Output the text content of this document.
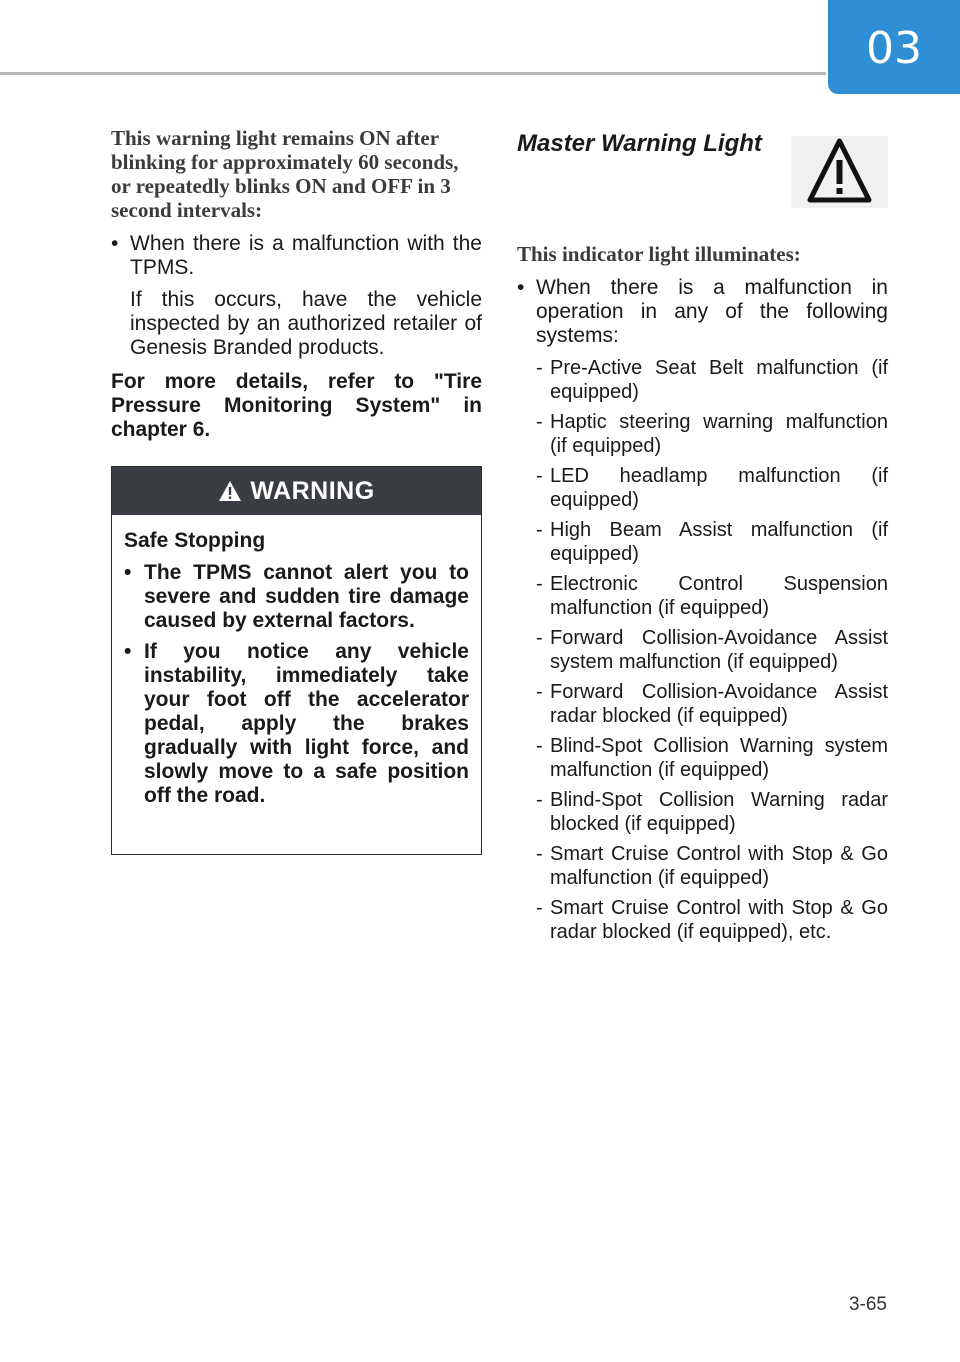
03

This warning light remains ON after blinking for approximately 60 seconds, or repeatedly blinks ON and OFF in 3 second intervals:

• When there is a malfunction with the TPMS.
If this occurs, have the vehicle inspected by an authorized retailer of Genesis Branded products.
For more details, refer to "Tire Pressure Monitoring System" in chapter 6.
WARNING
Safe Stopping
• The TPMS cannot alert you to severe and sudden tire damage caused by external factors.
• If you notice any vehicle instability, immediately take your foot off the accelerator pedal, apply the brakes gradually with light force, and slowly move to a safe position off the road.
Master Warning Light

This indicator light illuminates:

• When there is a malfunction in operation in any of the following systems:
- Pre-Active Seat Belt malfunction (if equipped)
- Haptic steering warning malfunction (if equipped)
- LED headlamp malfunction (if equipped)
- High Beam Assist malfunction (if equipped)
- Electronic Control Suspension malfunction (if equipped)
- Forward Collision-Avoidance Assist system malfunction (if equipped)
- Forward Collision-Avoidance Assist radar blocked (if equipped)
- Blind-Spot Collision Warning system malfunction (if equipped)
- Blind-Spot Collision Warning radar blocked (if equipped)
- Smart Cruise Control with Stop & Go malfunction (if equipped)
- Smart Cruise Control with Stop & Go radar blocked (if equipped), etc.
3-65
